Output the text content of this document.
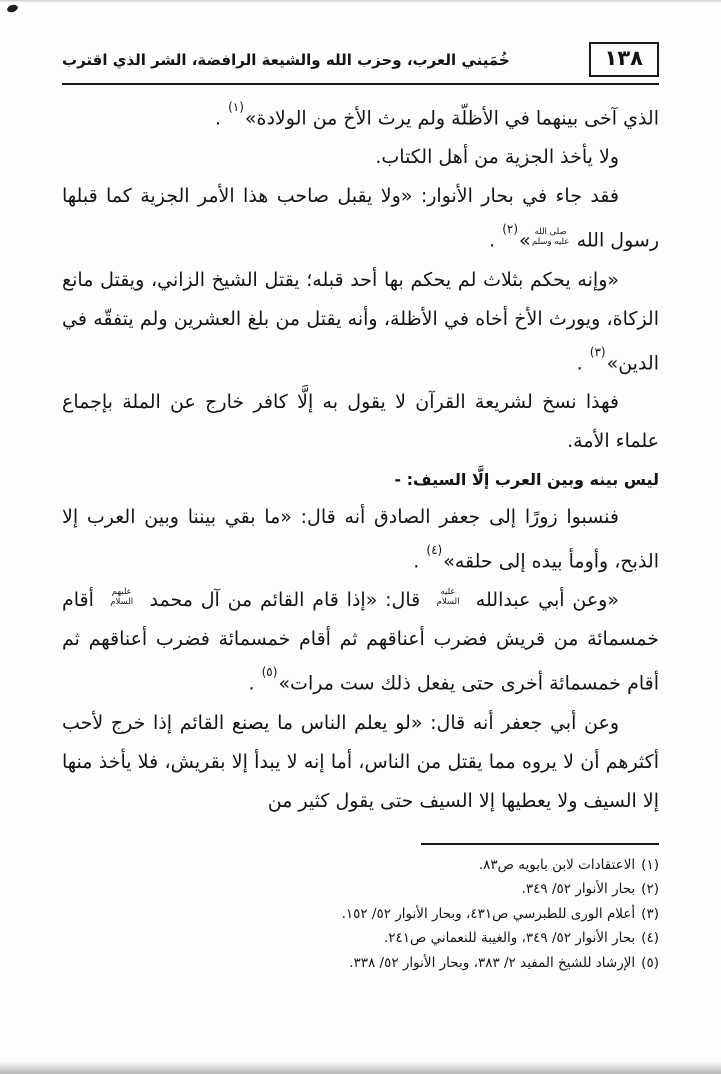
١٣٨
خُمَيني العرب، وحزب الله والشيعة الرافضة، الشر الذي اقترب

الذي آخى بينهما في الأظلّة ولم يرث الأخ من الولادة»$^{(١)}$ .

ولا يأخذ الجزية من أهل الكتاب.

فقد جاء في بحار الأنوار: «ولا يقبل صاحب هذا الأمر الجزية كما قبلها رسول الله صلى الله عليه وسلم»$^{(٢)}$ .

«وإنه يحكم بثلاث لم يحكم بها أحد قبله؛ يقتل الشيخ الزاني، ويقتل مانع الزكاة، ويورث الأخ أخاه في الأظلة، وأنه يقتل من بلغ العشرين ولم يتفقّه في الدين»$^{(٣)}$ .

فهذا نسخ لشريعة القرآن لا يقول به إلَّا كافر خارج عن الملة بإجماع علماء الأمة.

ليس بينه وبين العرب إلَّا السيف: -

فنسبوا زورًا إلى جعفر الصادق أنه قال: «ما بقي بيننا وبين العرب إلا الذبح، وأومأ بيده إلى حلقه»$^{(٤)}$ .

«وعن أبي عبدالله عليه السلام قال: «إذا قام القائم من آل محمد عليهم السلام أقام خمسمائة من قريش فضرب أعناقهم ثم أقام خمسمائة فضرب أعناقهم ثم أقام خمسمائة أخرى حتى يفعل ذلك ست مرات»$^{(٥)}$ .

وعن أبي جعفر أنه قال: «لو يعلم الناس ما يصنع القائم إذا خرج لأحب أكثرهم أن لا يروه مما يقتل من الناس، أما إنه لا يبدأ إلا بقريش، فلا يأخذ منها إلا السيف ولا يعطيها إلا السيف حتى يقول كثير من

(١)الاعتقادات لابن بابويه ص٨٣.
(٢)بحار الأنوار ٥٢/ ٣٤٩.
(٣)أعلام الورى للطبرسي ص٤٣١، وبحار الأنوار ٥٢/ ١٥٢.
(٤)بحار الأنوار ٥٢/ ٣٤٩، والغيبة للنعماني ص٢٤١.
(٥)الإرشاد للشيخ المفيد ٢/ ٣٨٣، وبحار الأنوار ٥٢/ ٣٣٨.
